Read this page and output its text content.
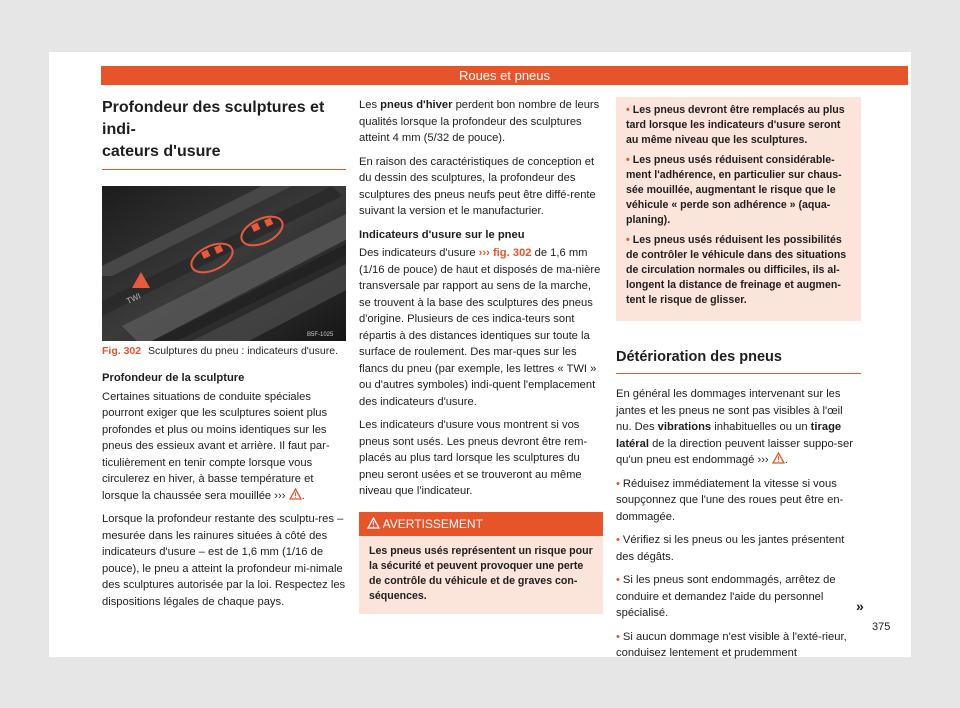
Roues et pneus
Profondeur des sculptures et indi-
cateurs d'usure
TWI
B5F-1025
Fig. 302 Sculptures du pneu : indicateurs d'usure.
Profondeur de la sculpture

Certaines situations de conduite spéciales pourront exiger que les sculptures soient plus profondes et plus ou moins identiques sur les pneus des essieux avant et arrière. Il faut par-ticulièrement en tenir compte lorsque vous circulerez en hiver, à basse température et lorsque la chaussée sera mouillée ››› .

Lorsque la profondeur restante des sculptu-res – mesurée dans les rainures situées à côté des indicateurs d'usure – est de 1,6 mm (1/16 de pouce), le pneu a atteint la profondeur mi-nimale des sculptures autorisée par la loi. Respectez les dispositions légales de chaque pays.

Les pneus d'hiver perdent bon nombre de leurs qualités lorsque la profondeur des sculptures atteint 4 mm (5/32 de pouce).

En raison des caractéristiques de conception et du dessin des sculptures, la profondeur des sculptures des pneus neufs peut être diffé-rente suivant la version et le manufacturier.

Indicateurs d'usure sur le pneu

Des indicateurs d'usure ››› fig. 302 de 1,6 mm (1/16 de pouce) de haut et disposés de ma-nière transversale par rapport au sens de la marche, se trouvent à la base des sculptures des pneus d'origine. Plusieurs de ces indica-teurs sont répartis à des distances identiques sur toute la surface de roulement. Des mar-ques sur les flancs du pneu (par exemple, les lettres « TWI » ou d'autres symboles) indi-quent l'emplacement des indicateurs d'usure.

Les indicateurs d'usure vous montrent si vos pneus sont usés. Les pneus devront être rem-placés au plus tard lorsque les sculptures du pneu seront usées et se trouveront au même niveau que l'indicateur.

AVERTISSEMENT
Les pneus usés représentent un risque pour la sécurité et peuvent provoquer une perte de contrôle du véhicule et de graves con-séquences.
• Les pneus devront être remplacés au plus tard lorsque les indicateurs d'usure seront au même niveau que les sculptures.
• Les pneus usés réduisent considérable-ment l'adhérence, en particulier sur chaus-sée mouillée, augmentant le risque que le véhicule « perde son adhérence » (aqua-planing).
• Les pneus usés réduisent les possibilités de contrôler le véhicule dans des situations de circulation normales ou difficiles, ils al-longent la distance de freinage et augmen-tent le risque de glisser.
Détérioration des pneus

En général les dommages intervenant sur les jantes et les pneus ne sont pas visibles à l'œil nu. Des vibrations inhabituelles ou un tirage latéral de la direction peuvent laisser suppo-ser qu'un pneu est endommagé ››› .

• Réduisez immédiatement la vitesse si vous soupçonnez que l'une des roues peut être en-dommagée.

• Vérifiez si les pneus ou les jantes présentent des dégâts.

• Si les pneus sont endommagés, arrêtez de conduire et demandez l'aide du personnel spécialisé.

• Si aucun dommage n'est visible à l'exté-rieur, conduisez lentement et prudemment

»
375
